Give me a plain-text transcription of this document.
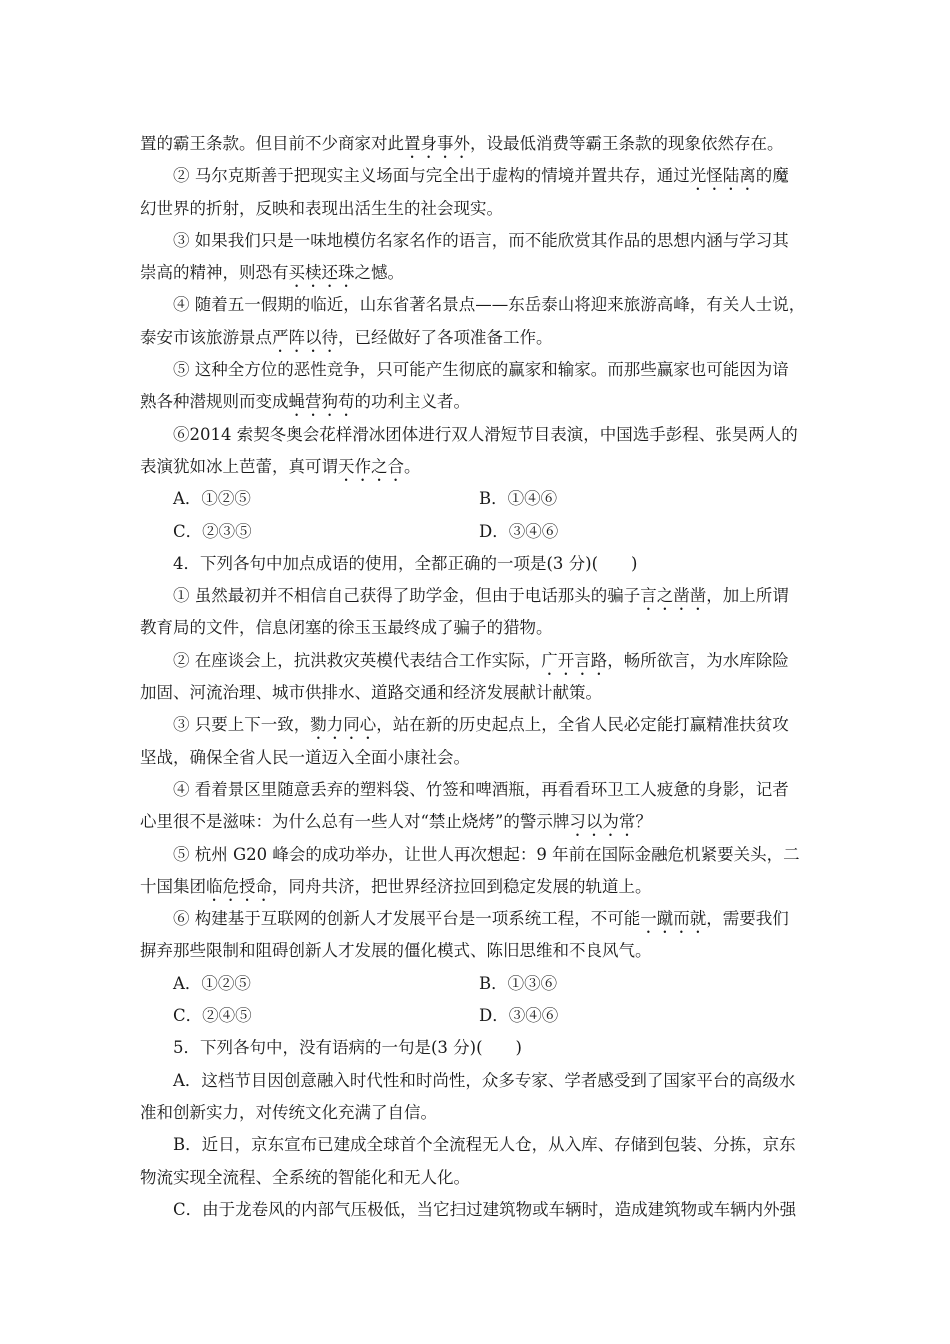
置的霸王条款。但目前不少商家对此置身事外，设最低消费等霸王条款的现象依然存在。
② 马尔克斯善于把现实主义场面与完全出于虚构的情境并置共存，通过光怪陆离的魔
幻世界的折射，反映和表现出活生生的社会现实。
③ 如果我们只是一味地模仿名家名作的语言，而不能欣赏其作品的思想内涵与学习其
崇高的精神，则恐有买椟还珠之憾。
④ 随着五一假期的临近，山东省著名景点——东岳泰山将迎来旅游高峰，有关人士说，
泰安市该旅游景点严阵以待，已经做好了各项准备工作。
⑤ 这种全方位的恶性竞争，只可能产生彻底的赢家和输家。而那些赢家也可能因为谙
熟各种潜规则而变成蝇营狗苟的功利主义者。
⑥2014 索契冬奥会花样滑冰团体进行双人滑短节目表演，中国选手彭程、张昊两人的
表演犹如冰上芭蕾，真可谓天作之合。
A．①②⑤	B．①④⑥
C．②③⑤	D．③④⑥
4．下列各句中加点成语的使用，全都正确的一项是(3 分)(　　)
① 虽然最初并不相信自己获得了助学金，但由于电话那头的骗子言之凿凿，加上所谓
教育局的文件，信息闭塞的徐玉玉最终成了骗子的猎物。
② 在座谈会上，抗洪救灾英模代表结合工作实际，广开言路，畅所欲言，为水库除险
加固、河流治理、城市供排水、道路交通和经济发展献计献策。
③ 只要上下一致，勠力同心，站在新的历史起点上，全省人民必定能打赢精准扶贫攻
坚战，确保全省人民一道迈入全面小康社会。
④ 看着景区里随意丢弃的塑料袋、竹签和啤酒瓶，再看看环卫工人疲惫的身影，记者
心里很不是滋味：为什么总有一些人对“禁止烧烤”的警示牌习以为常？
⑤ 杭州 G20 峰会的成功举办，让世人再次想起：9 年前在国际金融危机紧要关头，二
十国集团临危授命，同舟共济，把世界经济拉回到稳定发展的轨道上。
⑥ 构建基于互联网的创新人才发展平台是一项系统工程，不可能一蹴而就，需要我们
摒弃那些限制和阻碍创新人才发展的僵化模式、陈旧思维和不良风气。
A．①②⑤	B．①③⑥
C．②④⑤	D．③④⑥
5．下列各句中，没有语病的一句是(3 分)(　　)
A．这档节目因创意融入时代性和时尚性，众多专家、学者感受到了国家平台的高级水
准和创新实力，对传统文化充满了自信。
B．近日，京东宣布已建成全球首个全流程无人仓，从入库、存储到包装、分拣，京东
物流实现全流程、全系统的智能化和无人化。
C．由于龙卷风的内部气压极低，当它扫过建筑物或车辆时，造成建筑物或车辆内外强
